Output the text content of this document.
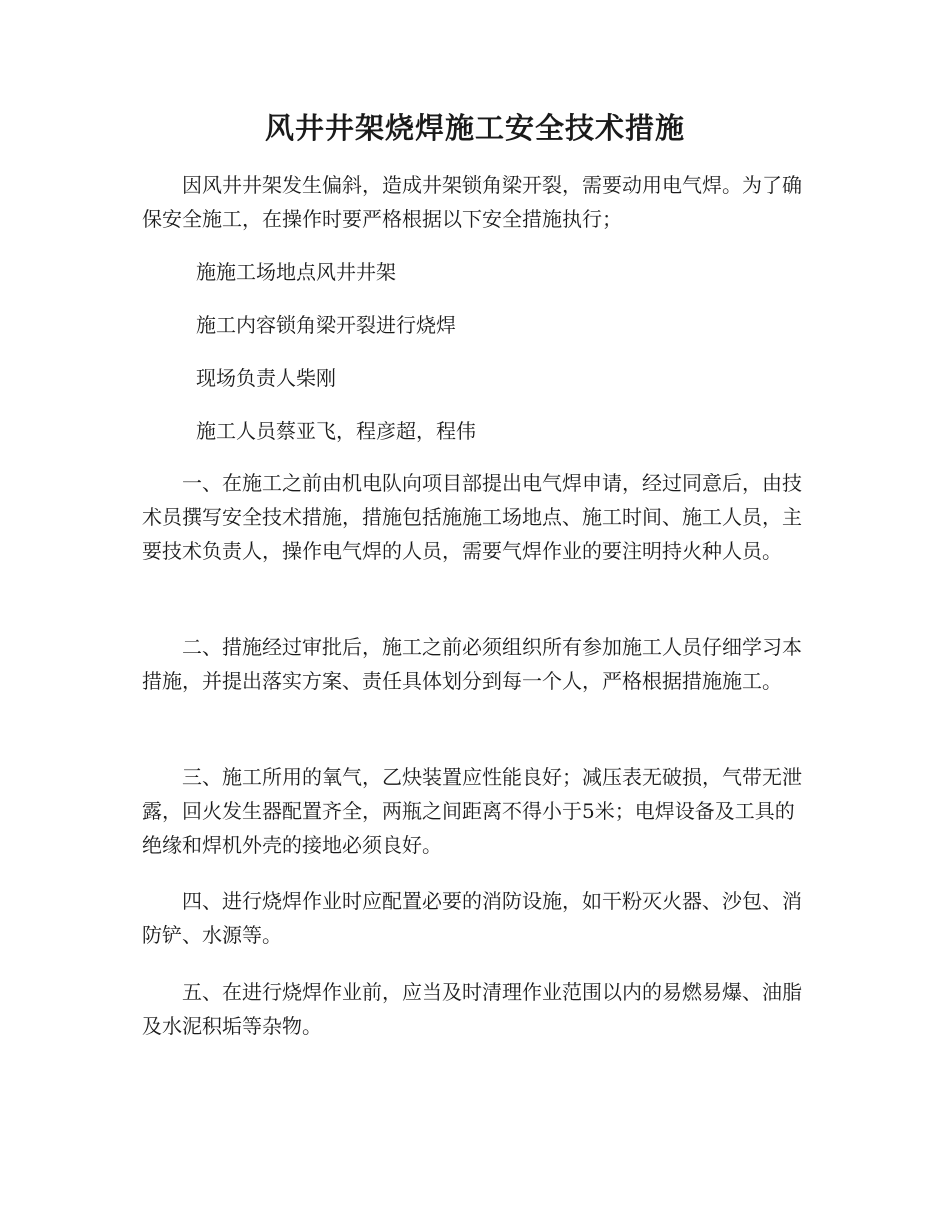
风井井架烧焊施工安全技术措施

因风井井架发生偏斜，造成井架锁角梁开裂，需要动用电气焊。为了确保安全施工，在操作时要严格根据以下安全措施执行；

施施工场地点风井井架

施工内容锁角梁开裂进行烧焊

现场负责人柴刚

施工人员蔡亚飞，程彦超，程伟

一、在施工之前由机电队向项目部提出电气焊申请，经过同意后，由技术员撰写安全技术措施，措施包括施施工场地点、施工时间、施工人员，主要技术负责人，操作电气焊的人员，需要气焊作业的要注明持火种人员。

二、措施经过审批后，施工之前必须组织所有参加施工人员仔细学习本措施，并提出落实方案、责任具体划分到每一个人，严格根据措施施工。

三、施工所用的氧气，乙炔装置应性能良好；减压表无破损，气带无泄露，回火发生器配置齐全，两瓶之间距离不得小于5米；电焊设备及工具的绝缘和焊机外壳的接地必须良好。

四、进行烧焊作业时应配置必要的消防设施，如干粉灭火器、沙包、消防铲、水源等。

五、在进行烧焊作业前，应当及时清理作业范围以内的易燃易爆、油脂及水泥积垢等杂物。
